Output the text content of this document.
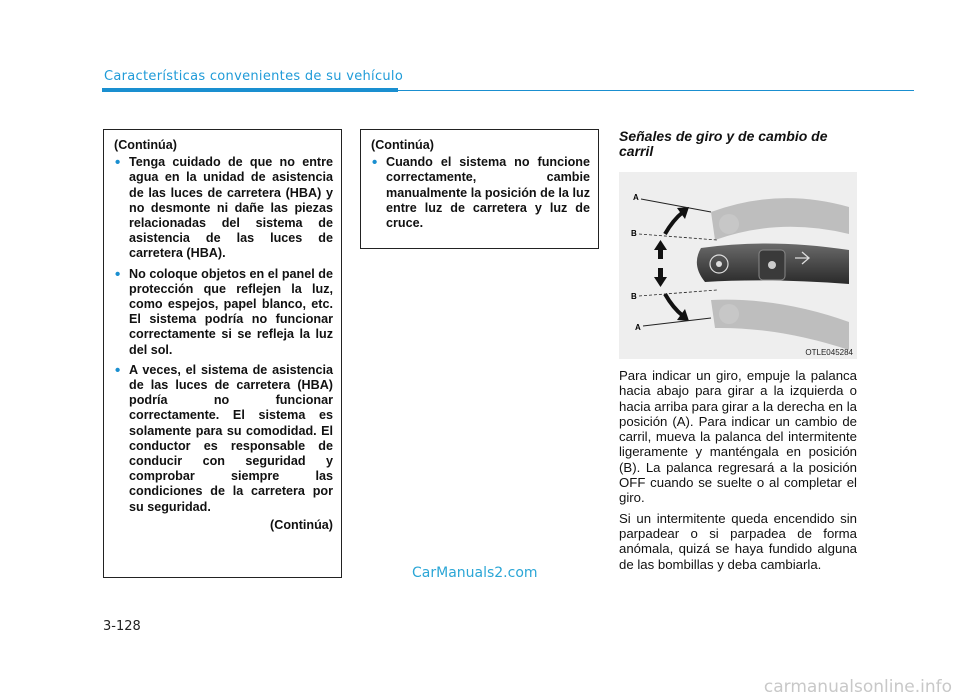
Características convenientes de su vehículo
(Continúa)
• Tenga cuidado de que no entre agua en la unidad de asistencia de las luces de carretera (HBA) y no desmonte ni dañe las piezas relacionadas del sistema de asistencia de las luces de carretera (HBA).
• No coloque objetos en el panel de protección que reflejen la luz, como espejos, papel blanco, etc. El sistema podría no funcionar correctamente si se refleja la luz del sol.
• A veces, el sistema de asistencia de las luces de carretera (HBA) podría no funcionar correctamente. El sistema es solamente para su comodidad. El conductor es responsable de conducir con seguridad y comprobar siempre las condiciones de la carretera por su seguridad.
(Continúa)
(Continúa)
• Cuando el sistema no funcione correctamente, cambie manualmente la posición de la luz entre luz de carretera y luz de cruce.
Señales de giro y de cambio de carril
A
B
B
A
OTLE045284

Para indicar un giro, empuje la palanca hacia abajo para girar a la izquierda o hacia arriba para girar a la derecha en la posición (A). Para indicar un cambio de carril, mueva la palanca del intermitente ligeramente y manténgala en posición (B). La palanca regresará a la posición OFF cuando se suelte o al completar el giro.

Si un intermitente queda encendido sin parpadear o si parpadea de forma anómala, quizá se haya fundido alguna de las bombillas y deba cambiarla.

CarManuals2.com
3-128
carmanualsonline.info
